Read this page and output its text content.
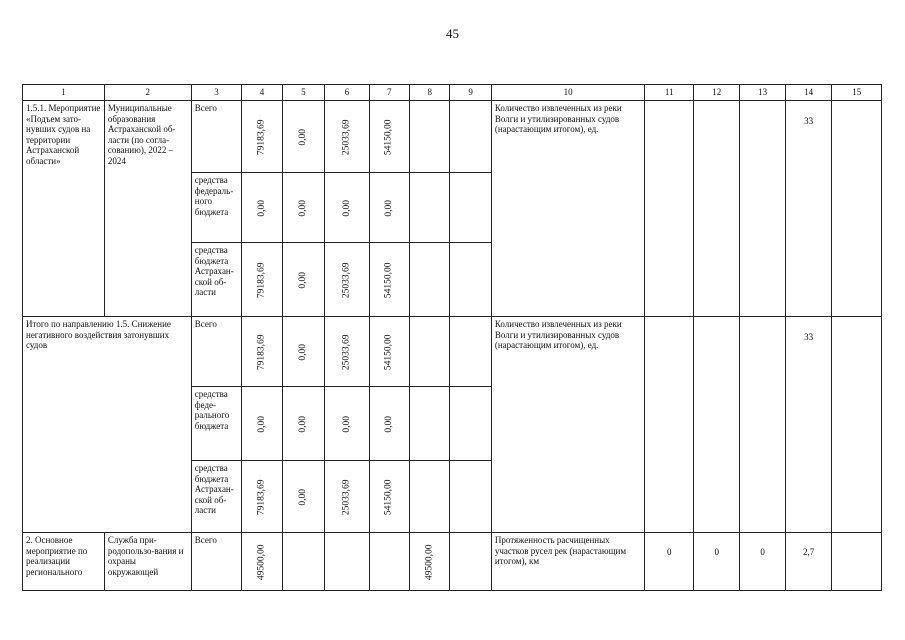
45
1	2	3	4	5	6	7	8	9	10	11	12	13	14	15
1.5.1. Мероприятие «Подъем зато-нувших судов на территории Астраханской области»	Муниципальные образования Астраханской об-ласти (по согла-сованию), 2022 – 2024	Всего	79183,69	0,00	25033,69	54150,00			Количество извлеченных из реки Волги и утилизированных судов (нарастающим итогом), ед.				33	
		средства федераль-ного бюджета	0,00	0,00	0,00	0,00								
		средства бюджета Астрахан-ской об-ласти	79183,69	0,00	25033,69	54150,00								
Итого по направлению 1.5. Снижение негативного воздействия затонувших судов		Всего	79183,69	0,00	25033,69	54150,00			Количество извлеченных из реки Волги и утилизированных судов (нарастающим итогом), ед.				33	
		средства феде-рального бюджета	0,00	0,00	0,00	0,00								
		средства бюджета Астрахан-ской об-ласти	79183,69	0,00	25033,69	54150,00								
2. Основное мероприятие по реализации регионального	Служба при-родопользо-вания и охраны окружающей	Всего	49500,00				49500,00		Протяженность расчищенных участков русел рек (нарастающим итогом), км	0	0	0	2,7	
